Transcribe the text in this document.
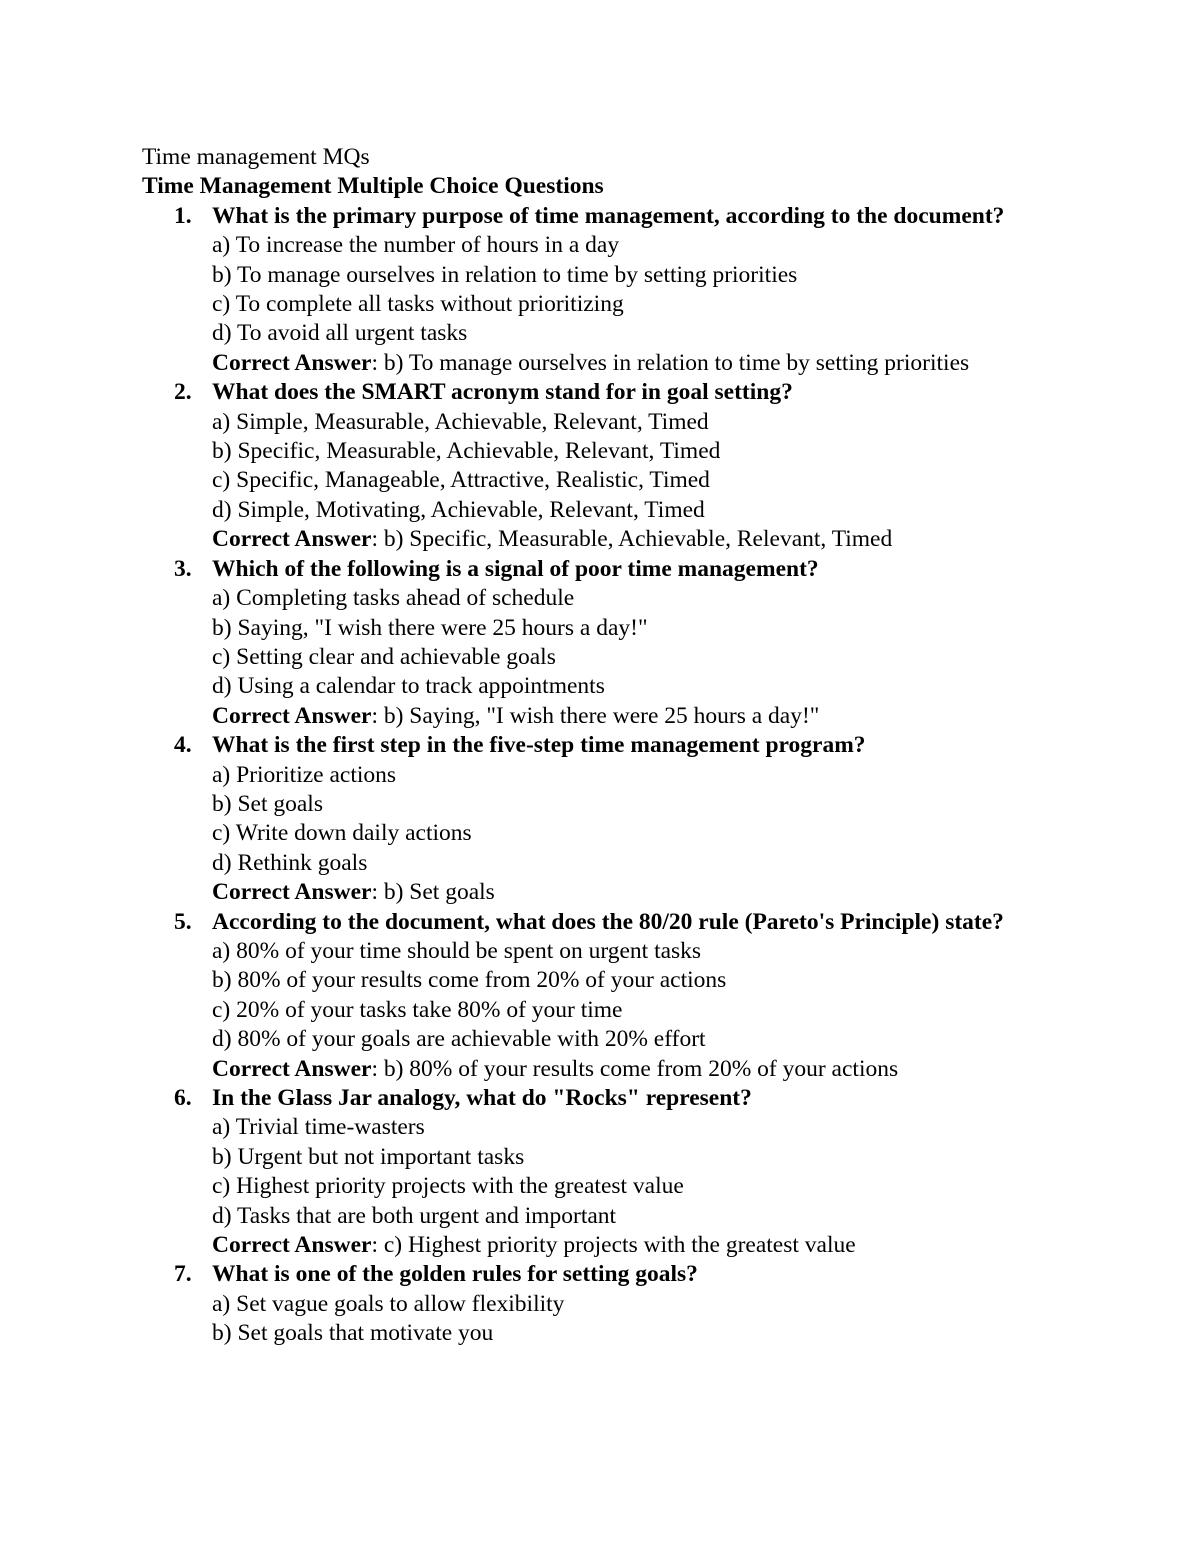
Time management MQs
Time Management Multiple Choice Questions
1. What is the primary purpose of time management, according to the document?
a) To increase the number of hours in a day
b) To manage ourselves in relation to time by setting priorities
c) To complete all tasks without prioritizing
d) To avoid all urgent tasks
Correct Answer: b) To manage ourselves in relation to time by setting priorities
2. What does the SMART acronym stand for in goal setting?
a) Simple, Measurable, Achievable, Relevant, Timed
b) Specific, Measurable, Achievable, Relevant, Timed
c) Specific, Manageable, Attractive, Realistic, Timed
d) Simple, Motivating, Achievable, Relevant, Timed
Correct Answer: b) Specific, Measurable, Achievable, Relevant, Timed
3. Which of the following is a signal of poor time management?
a) Completing tasks ahead of schedule
b) Saying, "I wish there were 25 hours a day!"
c) Setting clear and achievable goals
d) Using a calendar to track appointments
Correct Answer: b) Saying, "I wish there were 25 hours a day!"
4. What is the first step in the five-step time management program?
a) Prioritize actions
b) Set goals
c) Write down daily actions
d) Rethink goals
Correct Answer: b) Set goals
5. According to the document, what does the 80/20 rule (Pareto's Principle) state?
a) 80% of your time should be spent on urgent tasks
b) 80% of your results come from 20% of your actions
c) 20% of your tasks take 80% of your time
d) 80% of your goals are achievable with 20% effort
Correct Answer: b) 80% of your results come from 20% of your actions
6. In the Glass Jar analogy, what do "Rocks" represent?
a) Trivial time-wasters
b) Urgent but not important tasks
c) Highest priority projects with the greatest value
d) Tasks that are both urgent and important
Correct Answer: c) Highest priority projects with the greatest value
7. What is one of the golden rules for setting goals?
a) Set vague goals to allow flexibility
b) Set goals that motivate you
